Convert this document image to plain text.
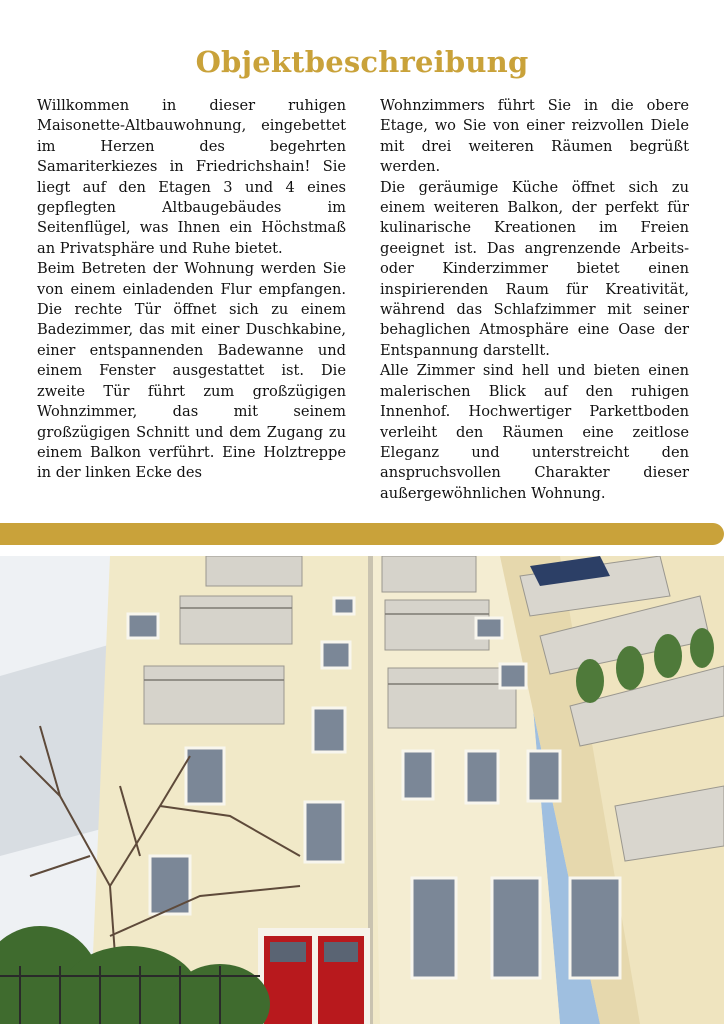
Objektbeschreibung

Willkommen in dieser ruhigen Maisonette-Altbauwohnung, eingebettet im Herzen des begehrten Samariterkiezes in Friedrichshain! Sie liegt auf den Etagen 3 und 4 eines gepflegten Altbaugebäudes im Seitenflügel, was Ihnen ein Höchstmaß an Privatsphäre und Ruhe bietet.

Beim Betreten der Wohnung werden Sie von einem einladenden Flur empfangen. Die rechte Tür öffnet sich zu einem Badezimmer, das mit einer Duschkabine, einer entspannenden Badewanne und einem Fenster ausgestattet ist. Die zweite Tür führt zum großzügigen Wohnzimmer, das mit seinem großzügigen Schnitt und dem Zugang zu einem Balkon verführt. Eine Holztreppe in der linken Ecke des

Wohnzimmers führt Sie in die obere Etage, wo Sie von einer reizvollen Diele mit drei weiteren Räumen begrüßt werden.

Die geräumige Küche öffnet sich zu einem weiteren Balkon, der perfekt für kulinarische Kreationen im Freien geeignet ist. Das angrenzende Arbeits- oder Kinderzimmer bietet einen inspirierenden Raum für Kreativität, während das Schlafzimmer mit seiner behaglichen Atmosphäre eine Oase der Entspannung darstellt.

Alle Zimmer sind hell und bieten einen malerischen Blick auf den ruhigen Innenhof. Hochwertiger Parkettboden verleiht den Räumen eine zeitlose Eleganz und unterstreicht den anspruchsvollen Charakter dieser außergewöhnlichen Wohnung.
